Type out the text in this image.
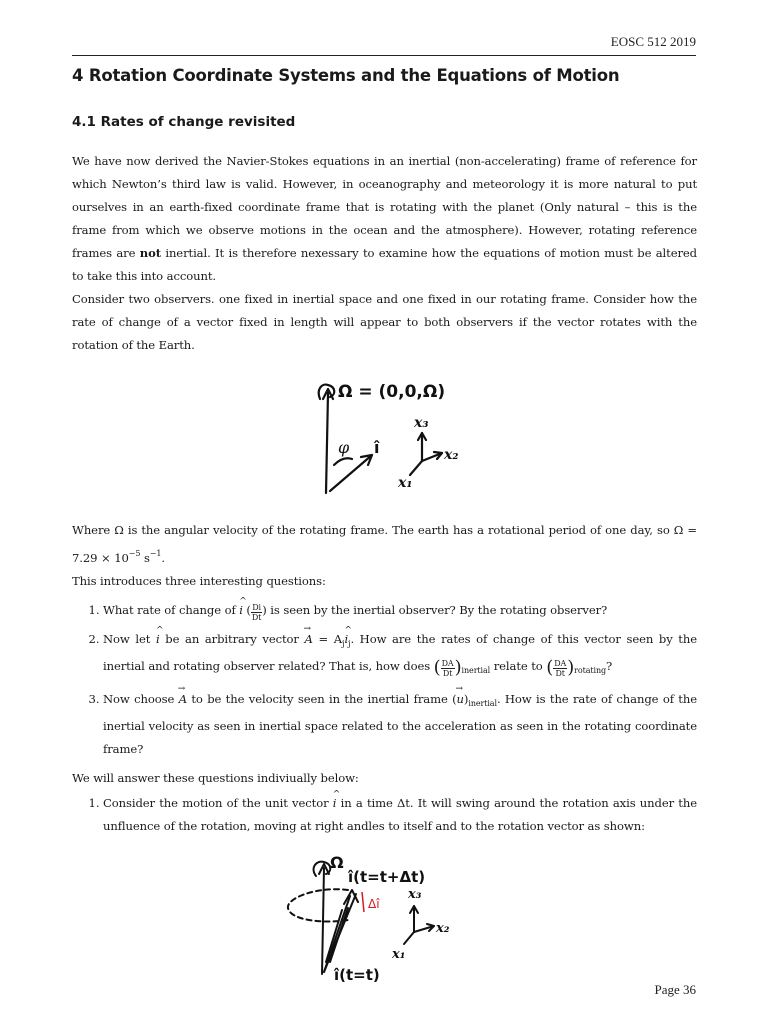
EOSC 512 2019
4 Rotation Coordinate Systems and the Equations of Motion
4.1 Rates of change revisited

We have now derived the Navier-Stokes equations in an inertial (non-accelerating) frame of reference for which Newton’s third law is valid. However, in oceanography and meteorology it is more natural to put ourselves in an earth-fixed coordinate frame that is rotating with the planet (Only natural – this is the frame from which we observe motions in the ocean and the atmosphere). However, rotating reference frames are not inertial. It is therefore nexessary to examine how the equations of motion must be altered to take this into account.

Consider two observers. one fixed in inertial space and one fixed in our rotating frame. Consider how the rate of change of a vector fixed in length will appear to both observers if the vector rotates with the rotation of the Earth.

Ω = (0,0,Ω)
φ î
x₃
x₂
x₁

Where Ω is the angular velocity of the rotating frame. The earth has a rotational period of one day, so $\Omega = 7.29 \times 10^{-5}$ $s^{-1}$.

This introduces three interesting questions:

1. What rate of change of ^ i ( $\frac{Di}{Dt}$ ) is seen by the inertial observer? By the rotating observer?
2. Now let ^ i be an arbitrary vector → $A = A_j\^{}$ $i_j$. How are the rates of change of this vector seen by the inertial and rotating observer related? That is, how does ( $\frac{DA}{Dt} )_{inertial}$ relate to ( $\frac{DA}{Dt} )_{rotating}$?
3. Now choose → A to be the velocity seen in the inertial frame (→ $u)_{inertial}$. How is the rate of change of the inertial velocity as seen in inertial space related to the acceleration as seen in the rotating coordinate frame?

We will answer these questions indiviually below:

1. Consider the motion of the unit vector ^ i in a time Δt. It will swing around the rotation axis under the unfluence of the rotation, moving at right andles to itself and to the rotation vector as shown:
Ω
î(t=t+Δt)
Δî
î(t=t)
x₃
x₂
x₁
Page 36
